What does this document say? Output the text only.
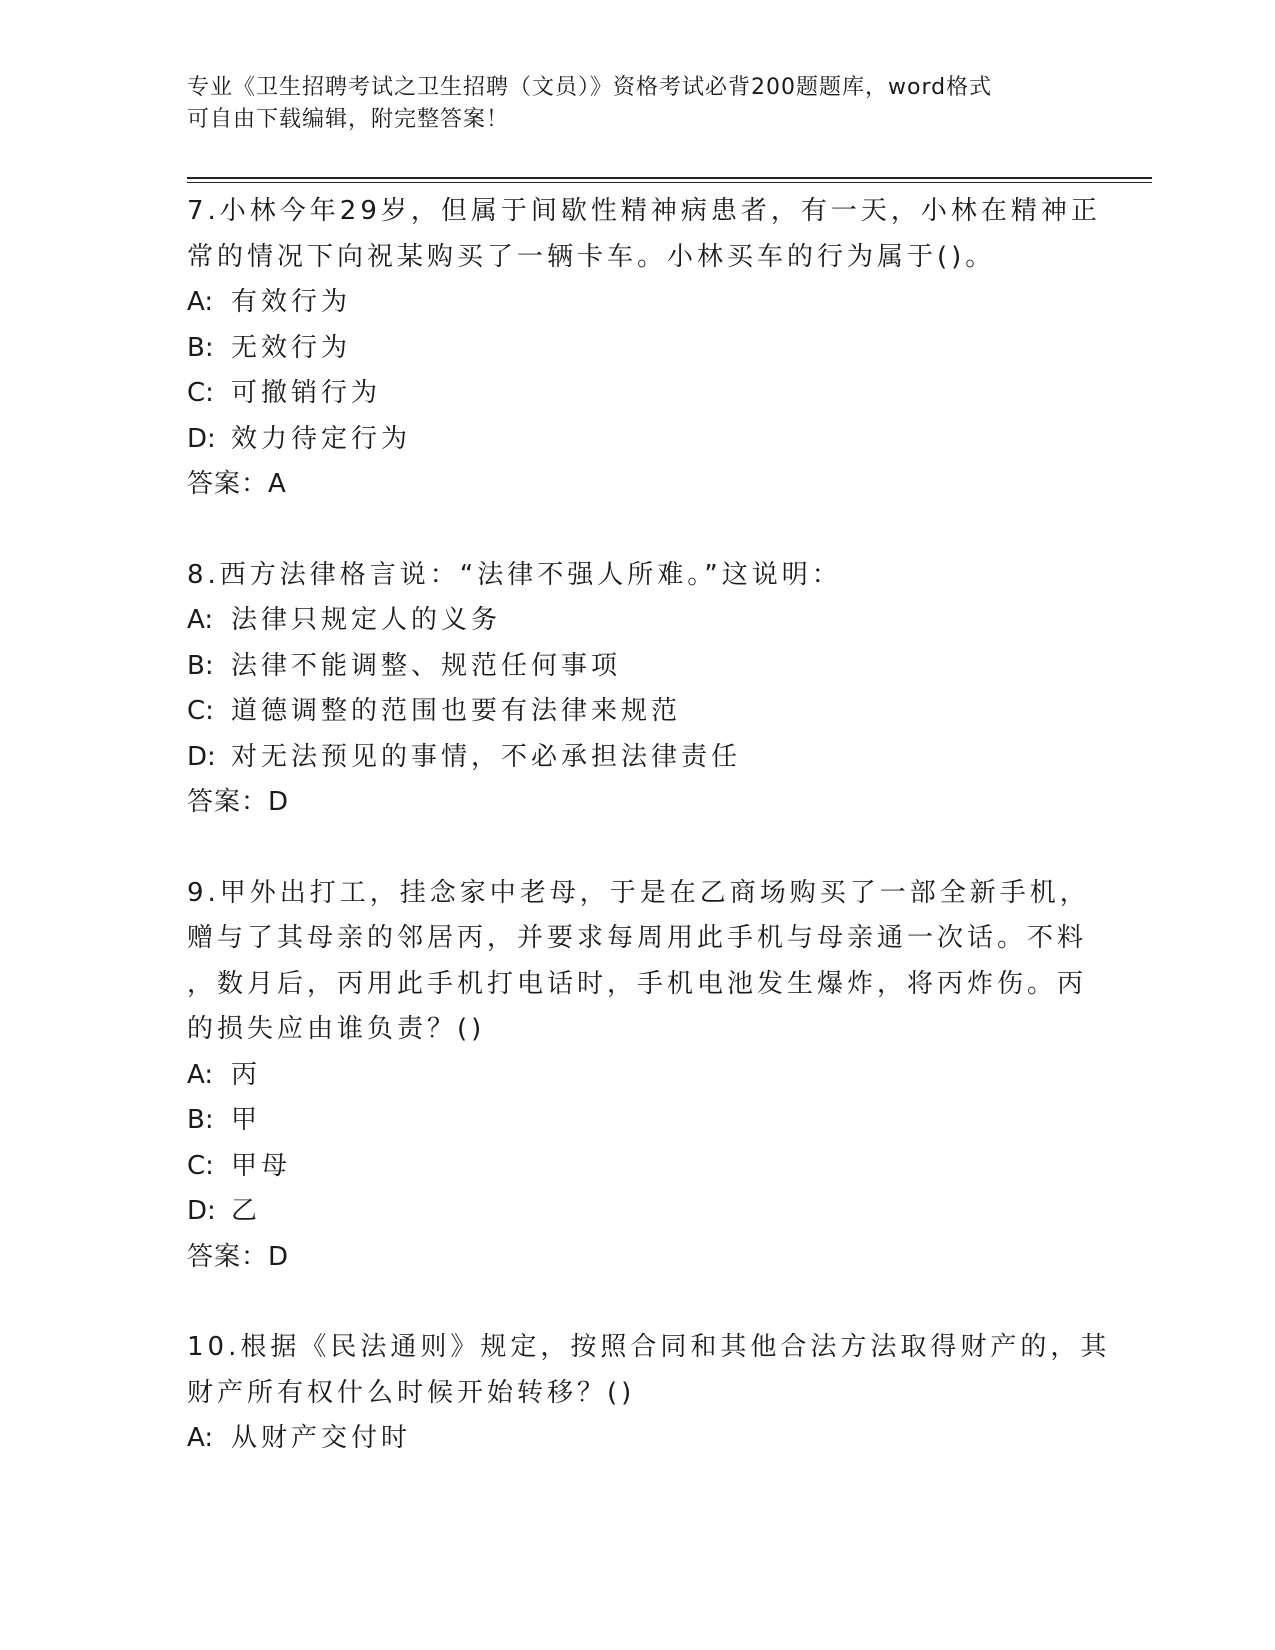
专业《卫生招聘考试之卫生招聘（文员）》资格考试必背200题题库，word格式
可自由下载编辑，附完整答案！
7.小林今年29岁，但属于间歇性精神病患者，有一天，小林在精神正
常的情况下向祝某购买了一辆卡车。小林买车的行为属于()。
A: 有效行为
B: 无效行为
C: 可撤销行为
D: 效力待定行为
答案：A
8.西方法律格言说：“法律不强人所难。”这说明：
A: 法律只规定人的义务
B: 法律不能调整、规范任何事项
C: 道德调整的范围也要有法律来规范
D: 对无法预见的事情，不必承担法律责任
答案：D
9.甲外出打工，挂念家中老母，于是在乙商场购买了一部全新手机，
赠与了其母亲的邻居丙，并要求每周用此手机与母亲通一次话。不料
，数月后，丙用此手机打电话时，手机电池发生爆炸，将丙炸伤。丙
的损失应由谁负责？()
A: 丙
B: 甲
C: 甲母
D: 乙
答案：D
10.根据《民法通则》规定，按照合同和其他合法方法取得财产的，其
财产所有权什么时候开始转移？()
A: 从财产交付时
